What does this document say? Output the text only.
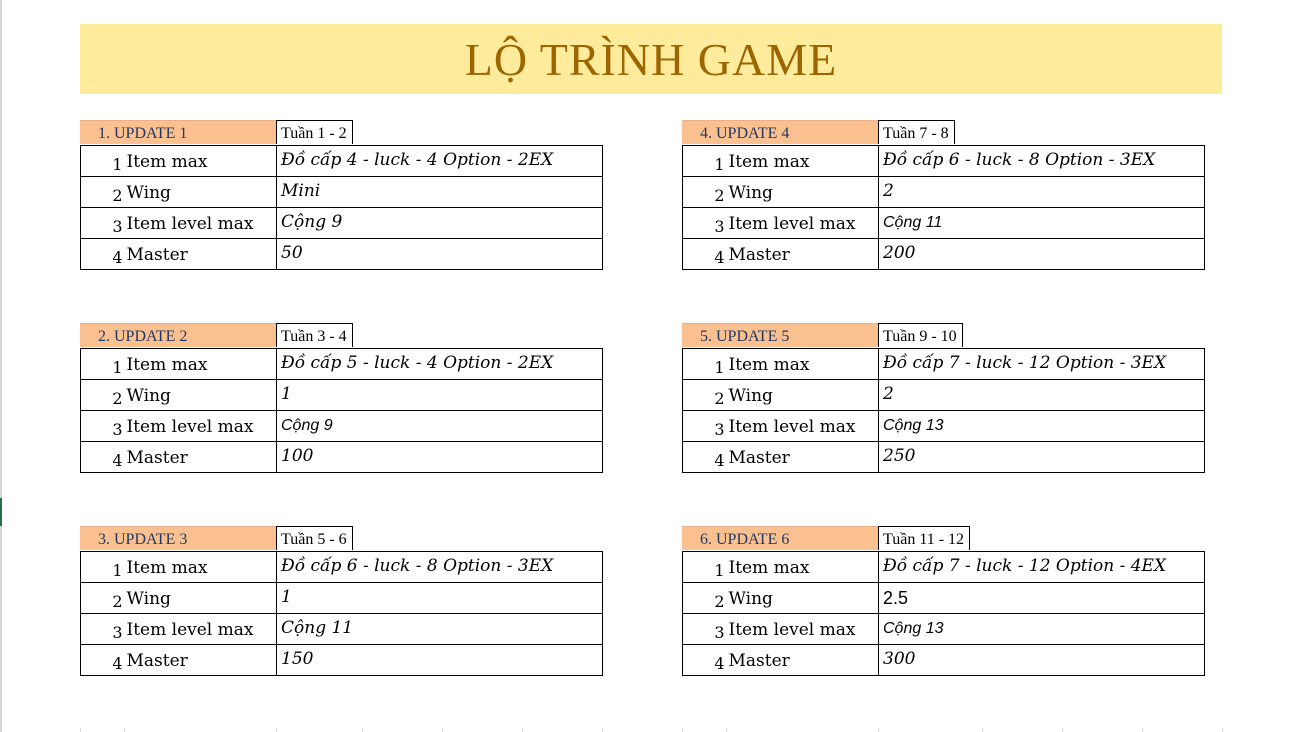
LỘ TRÌNH GAME
1. UPDATE 1	Tuần 1 - 2
1	Item max	Đồ cấp 4 - luck - 4 Option - 2EX
2	Wing	Mini
3	Item level max	Cộng 9
4	Master	50
2. UPDATE 2	Tuần 3 - 4
1	Item max	Đồ cấp 5 - luck - 4 Option - 2EX
2	Wing	1
3	Item level max	Cộng 9
4	Master	100
3. UPDATE 3	Tuần 5 - 6
1	Item max	Đồ cấp 6 - luck - 8 Option - 3EX
2	Wing	1
3	Item level max	Cộng 11
4	Master	150
4. UPDATE 4	Tuần 7 - 8
1	Item max	Đồ cấp 6 - luck - 8 Option - 3EX
2	Wing	2
3	Item level max	Cộng 11
4	Master	200
5. UPDATE 5	Tuần 9 - 10
1	Item max	Đồ cấp 7 - luck - 12 Option - 3EX
2	Wing	2
3	Item level max	Cộng 13
4	Master	250
6. UPDATE 6	Tuần 11 - 12
1	Item max	Đồ cấp 7 - luck - 12 Option - 4EX
2	Wing	2.5
3	Item level max	Cộng 13
4	Master	300
